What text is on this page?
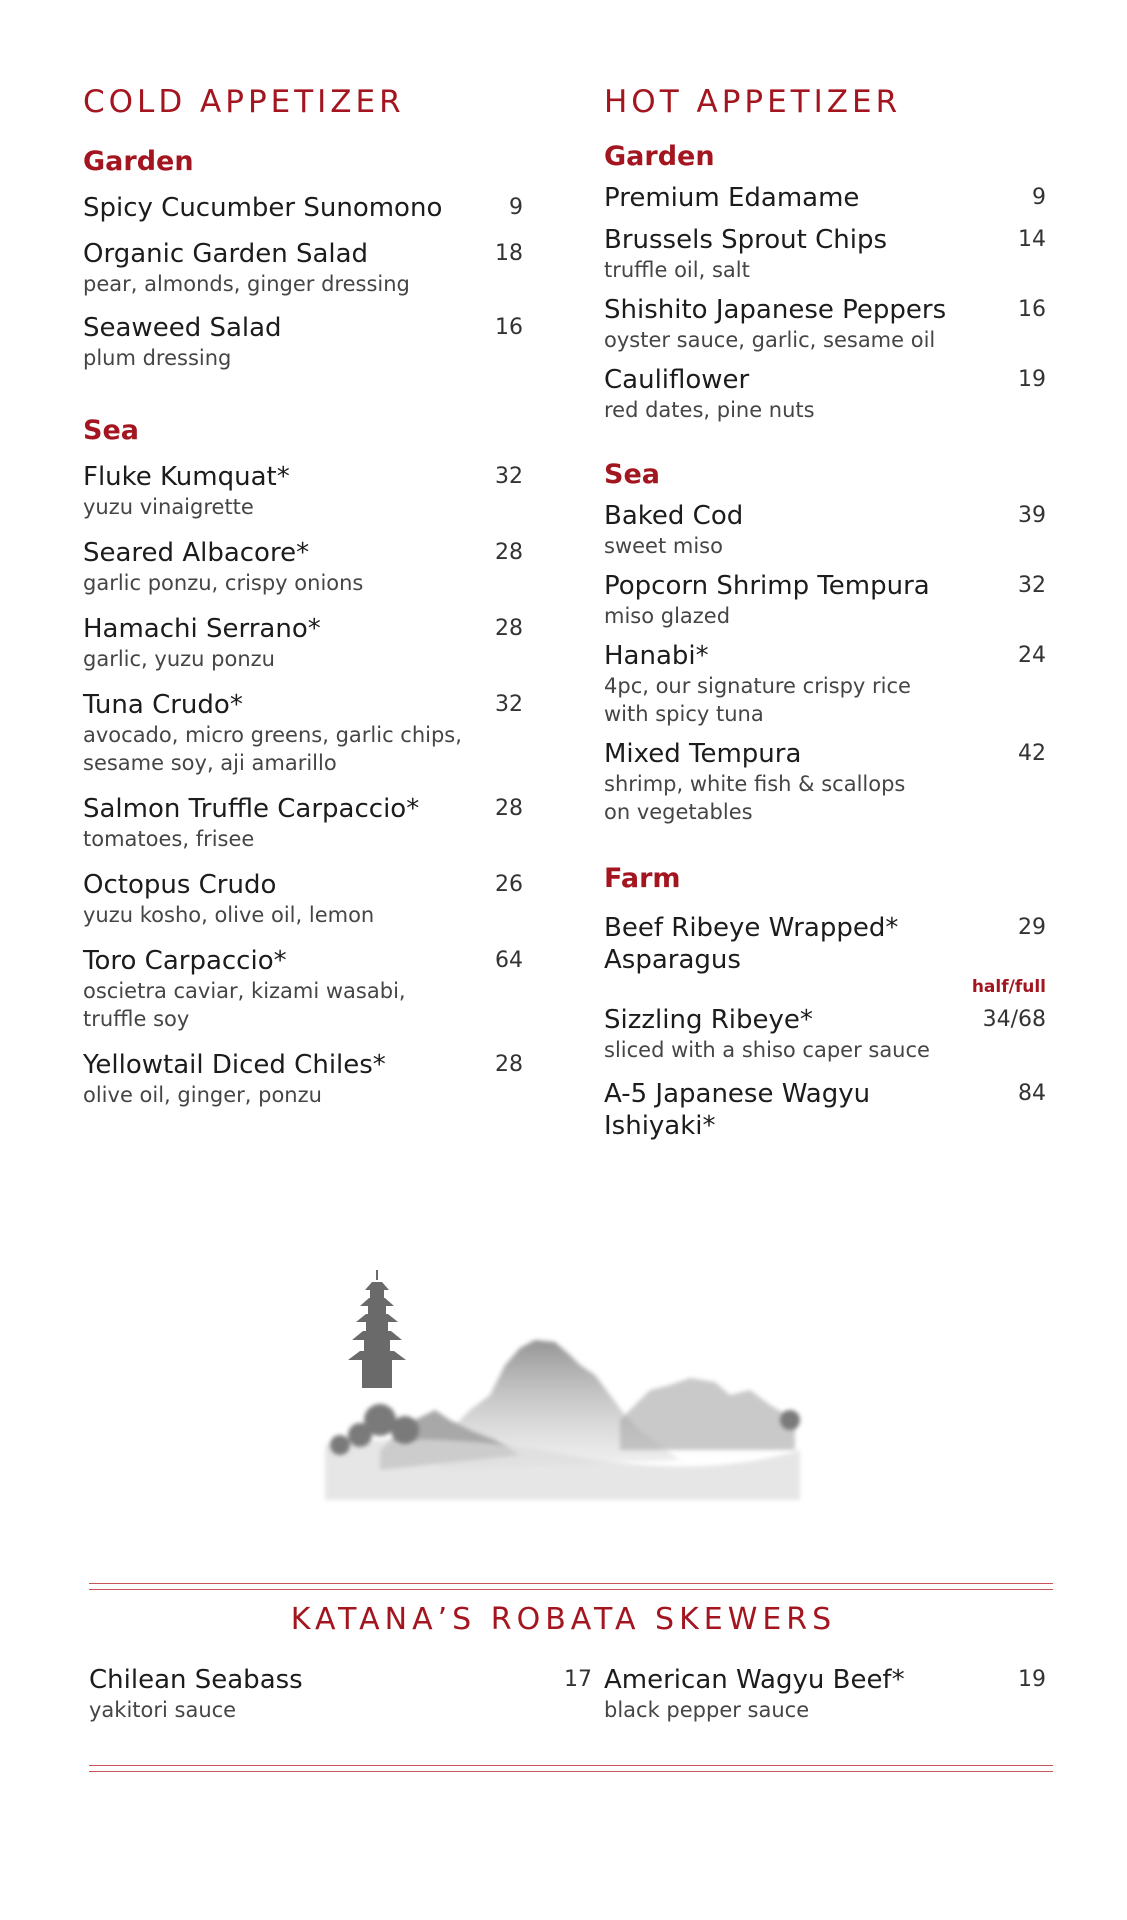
COLD APPETIZER
Garden
Spicy Cucumber Sunomono	9
Organic Garden Salad
pear, almonds, ginger dressing
18
Seaweed Salad
plum dressing
16
Sea
Fluke Kumquat*
yuzu vinaigrette
32
Seared Albacore*
garlic ponzu, crispy onions
28
Hamachi Serrano*
garlic, yuzu ponzu
28
Tuna Crudo*
avocado, micro greens, garlic chips, sesame soy, aji amarillo
32
Salmon Truffle Carpaccio*
tomatoes, frisee
28
Octopus Crudo
yuzu kosho, olive oil, lemon
26
Toro Carpaccio*
oscietra caviar, kizami wasabi, truffle soy
64
Yellowtail Diced Chiles*
olive oil, ginger, ponzu
28
HOT APPETIZER
Garden
Premium Edamame	9
Brussels Sprout Chips
truffle oil, salt
14
Shishito Japanese Peppers
oyster sauce, garlic, sesame oil
16
Cauliflower
red dates, pine nuts
19
Sea
Baked Cod
sweet miso
39
Popcorn Shrimp Tempura
miso glazed
32
Hanabi*
4pc, our signature crispy rice with spicy tuna
24
Mixed Tempura
shrimp, white fish & scallops on vegetables
42
Farm
Beef Ribeye Wrapped* Asparagus
29
half/full
Sizzling Ribeye*
sliced with a shiso caper sauce
34/68
A-5 Japanese Wagyu Ishiyaki*
84
KATANA’S ROBATA SKEWERS
Chilean Seabass
yakitori sauce
17 American Wagyu Beef*
black pepper sauce
19
